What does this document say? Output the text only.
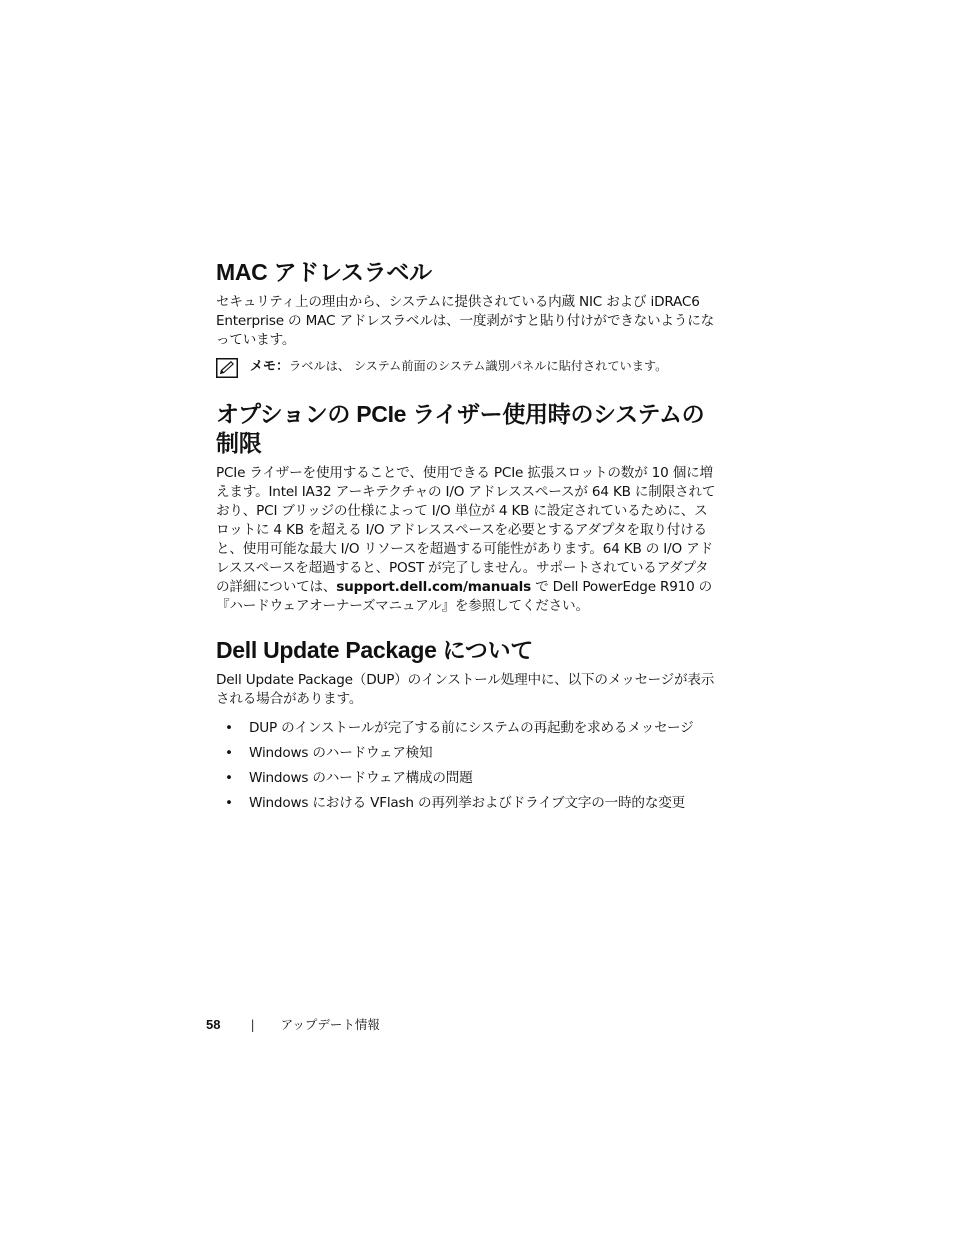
MAC アドレスラベル

セキュリティ上の理由から、システムに提供されている内蔵 NIC および iDRAC6 Enterprise の MAC アドレスラベルは、一度剥がすと貼り付けができないようになっています。

メモ：ラベルは、 システム前面のシステム識別パネルに貼付されています。
オプションの PCIe ライザー使用時のシステムの制限

PCIe ライザーを使用することで、使用できる PCIe 拡張スロットの数が 10 個に増えます。Intel IA32 アーキテクチャの I/O アドレススペースが 64 KB に制限されており、PCI ブリッジの仕様によって I/O 単位が 4 KB に設定されているために、スロットに 4 KB を超える I/O アドレススペースを必要とするアダプタを取り付けると、使用可能な最大 I/O リソースを超過する可能性があります。64 KB の I/O アドレススペースを超過すると、POST が完了しません。サポートされているアダプタの詳細については、support.dell.com/manuals で Dell PowerEdge R910 の『ハードウェアオーナーズマニュアル』を参照してください。

Dell Update Package について

Dell Update Package（DUP）のインストール処理中に、以下のメッセージが表示される場合があります。

• DUP のインストールが完了する前にシステムの再起動を求めるメッセージ
• Windows のハードウェア検知
• Windows のハードウェア構成の問題
• Windows における VFlash の再列挙およびドライブ文字の一時的な変更
58 | アップデート情報
